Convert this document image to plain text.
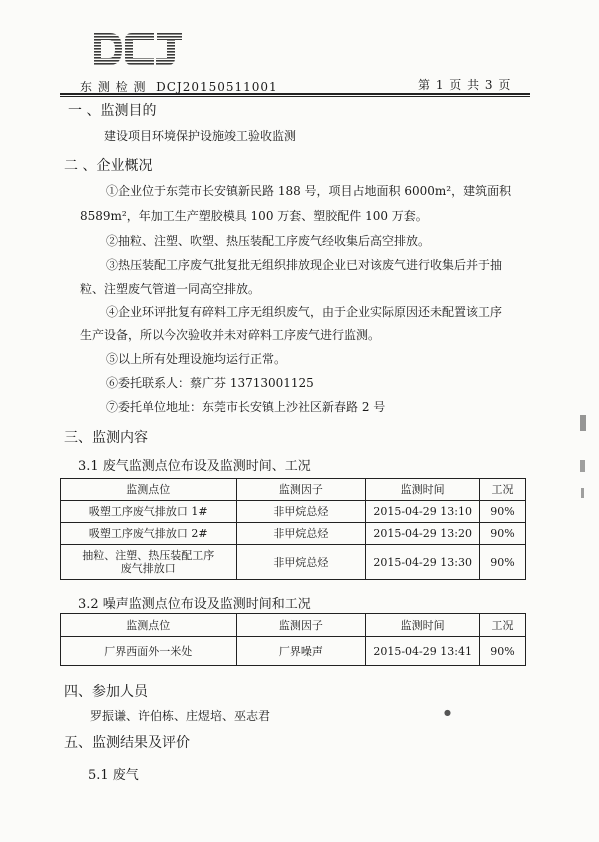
东 测 检 测 DCJ20150511001	第 1 页 共 3 页
一 、监测目的
建设项目环境保护设施竣工验收监测
二 、企业概况
①企业位于东莞市长安镇新民路 188 号，项目占地面积 6000m²，建筑面积
8589m²，年加工生产塑胶模具 100 万套、塑胶配件 100 万套。
②抽粒、注塑、吹塑、热压装配工序废气经收集后高空排放。
③热压装配工序废气批复批无组织排放现企业已对该废气进行收集后并于抽
粒、注塑废气管道一同高空排放。
④企业环评批复有碎料工序无组织废气，由于企业实际原因还未配置该工序
生产设备，所以今次验收并未对碎料工序废气进行监测。
⑤以上所有处理设施均运行正常。
⑥委托联系人：蔡广芬 13713001125
⑦委托单位地址：东莞市长安镇上沙社区新春路 2 号
三、监测内容
3.1 废气监测点位布设及监测时间、工况
监测点位	监测因子	监测时间	工况
吸塑工序废气排放口 1#	非甲烷总烃	2015-04-29 13:10	90%
吸塑工序废气排放口 2#	非甲烷总烃	2015-04-29 13:20	90%

抽粒、注塑、热压装配工序
废气排放口	非甲烷总烃	2015-04-29 13:30	90%
3.2 噪声监测点位布设及监测时间和工况
监测点位	监测因子	监测时间	工况
厂界西面外一米处	厂界噪声	2015-04-29 13:41	90%
四、参加人员
罗振谦、许伯栋、庄煜培、巫志君	●
五、监测结果及评价
5.1 废气
